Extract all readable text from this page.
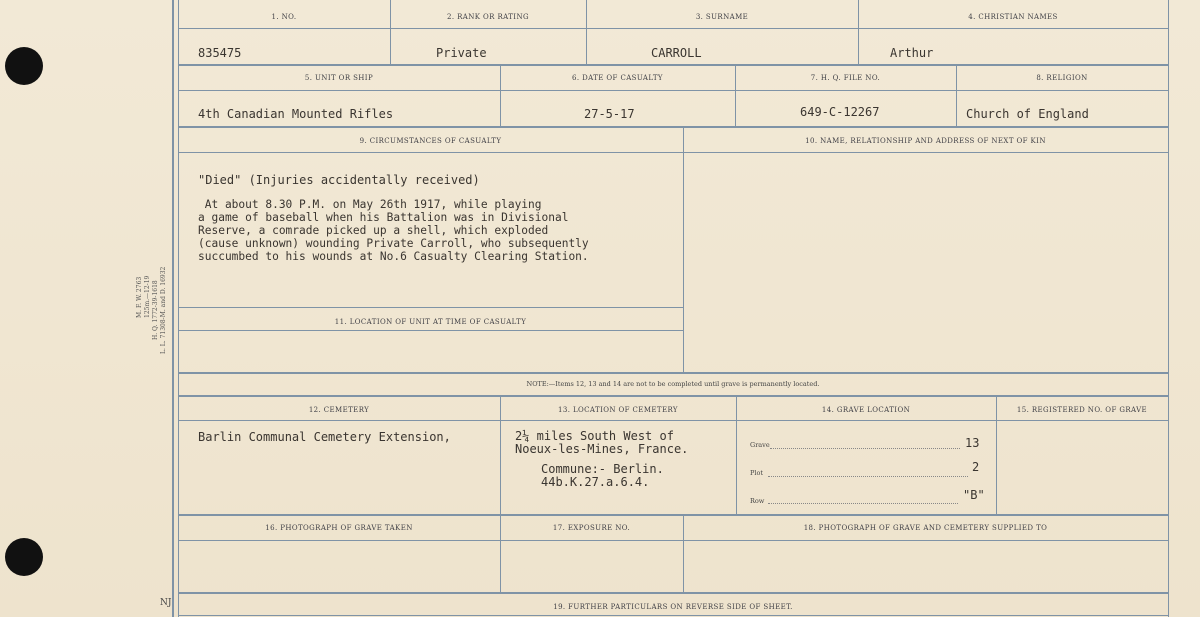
M. F. W. 2763 125m.—12-19 H. Q. 1772-39-1618 L. L. 71308-M. and D. 16932
NJ
1. NO.	2. RANK OR RATING	3. SURNAME	4. CHRISTIAN NAMES
835475	Private	CARROLL	Arthur
5. UNIT OR SHIP	6. DATE OF CASUALTY	7. H. Q. FILE NO.	8. RELIGION
4th Canadian Mounted Rifles	27-5-17	649-C-12267	Church of England
9. CIRCUMSTANCES OF CASUALTY	10. NAME, RELATIONSHIP AND ADDRESS OF NEXT OF KIN
"Died" (Injuries accidentally received)
At about 8.30 P.M. on May 26th 1917, while playing
a game of baseball when his Battalion was in Divisional
Reserve, a comrade picked up a shell, which exploded
(cause unknown) wounding Private Carroll, who subsequently
succumbed to his wounds at No.6 Casualty Clearing Station.
11. LOCATION OF UNIT AT TIME OF CASUALTY
NOTE:—Items 12, 13 and 14 are not to be completed until grave is permanently located.
12. CEMETERY	13. LOCATION OF CEMETERY	14. GRAVE LOCATION	15. REGISTERED NO. OF GRAVE
Barlin Communal Cemetery Extension,	2¼ miles South West of
Noeux-les-Mines, France.
Commune:- Berlin.
44b.K.27.a.6.4.
Grave	13
Plot	2
Row	"B"
16. PHOTOGRAPH OF GRAVE TAKEN	17. EXPOSURE NO.	18. PHOTOGRAPH OF GRAVE AND CEMETERY SUPPLIED TO
19. FURTHER PARTICULARS ON REVERSE SIDE OF SHEET.
